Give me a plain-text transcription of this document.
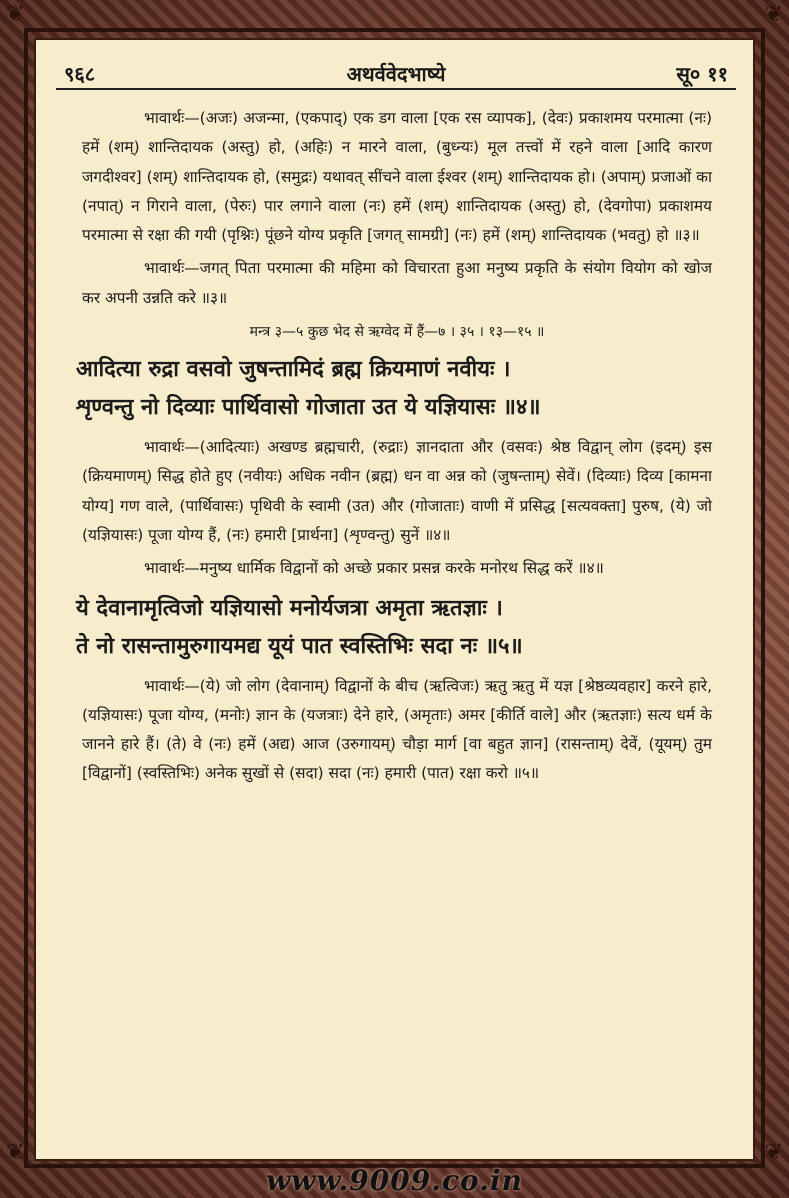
❦	❦
❦	❦
९६८	अथर्ववेदभाष्ये	सू० ११

भावार्थः—(अजः) अजन्मा, (एकपाद्) एक डग वाला [एक रस व्यापक], (देवः) प्रकाशमय परमात्मा (नः) हमें (शम्) शान्तिदायक (अस्तु) हो, (अहिः) न मारने वाला, (बुध्न्यः) मूल तत्त्वों में रहने वाला [आदि कारण जगदीश्वर] (शम्) शान्तिदायक हो, (समुद्रः) यथावत् सींचने वाला ईश्वर (शम्) शान्तिदायक हो। (अपाम्) प्रजाओं का (नपात्) न गिराने वाला, (पेरुः) पार लगाने वाला (नः) हमें (शम्) शान्तिदायक (अस्तु) हो, (देवगोपा) प्रकाशमय परमात्मा से रक्षा की गयी (पृश्निः) पूंछने योग्य प्रकृति [जगत् सामग्री] (नः) हमें (शम्) शान्तिदायक (भवतु) हो ॥३॥

भावार्थः—जगत् पिता परमात्मा की महिमा को विचारता हुआ मनुष्य प्रकृति के संयोग वियोग को खोज कर अपनी उन्नति करे ॥३॥

मन्त्र ३—५ कुछ भेद से ऋग्वेद में हैं—७ । ३५ । १३—१५ ॥

आदित्या रुद्रा वसवो जुषन्तामिदं ब्रह्म क्रियमाणं नवीयः ।

शृण्वन्तु नो दिव्याः पार्थिवासो गोजाता उत ये यज्ञियासः ॥४॥

भावार्थः—(आदित्याः) अखण्ड ब्रह्मचारी, (रुद्राः) ज्ञानदाता और (वसवः) श्रेष्ठ विद्वान् लोग (इदम्) इस (क्रियमाणम्) सिद्ध होते हुए (नवीयः) अधिक नवीन (ब्रह्म) धन वा अन्न को (जुषन्ताम्) सेवें। (दिव्याः) दिव्य [कामना योग्य] गण वाले, (पार्थिवासः) पृथिवी के स्वामी (उत) और (गोजाताः) वाणी में प्रसिद्ध [सत्यवक्ता] पुरुष, (ये) जो (यज्ञियासः) पूजा योग्य हैं, (नः) हमारी [प्रार्थना] (शृण्वन्तु) सुनें ॥४॥

भावार्थः—मनुष्य धार्मिक विद्वानों को अच्छे प्रकार प्रसन्न करके मनोरथ सिद्ध करें ॥४॥

ये देवानामृत्विजो यज्ञियासो मनोर्यजत्रा अमृता ऋतज्ञाः ।

ते नो रासन्तामुरुगायमद्य यूयं पात स्वस्तिभिः सदा नः ॥५॥

भावार्थः—(ये) जो लोग (देवानाम्) विद्वानों के बीच (ऋत्विजः) ऋतु ऋतु में यज्ञ [श्रेष्ठव्यवहार] करने हारे, (यज्ञियासः) पूजा योग्य, (मनोः) ज्ञान के (यजत्राः) देने हारे, (अमृताः) अमर [कीर्ति वाले] और (ऋतज्ञाः) सत्य धर्म के जानने हारे हैं। (ते) वे (नः) हमें (अद्य) आज (उरुगायम्) चौड़ा मार्ग [वा बहुत ज्ञान] (रासन्ताम्) देवें, (यूयम्) तुम [विद्वानों] (स्वस्तिभिः) अनेक सुखों से (सदा) सदा (नः) हमारी (पात) रक्षा करो ॥५॥

www.9009.co.in
